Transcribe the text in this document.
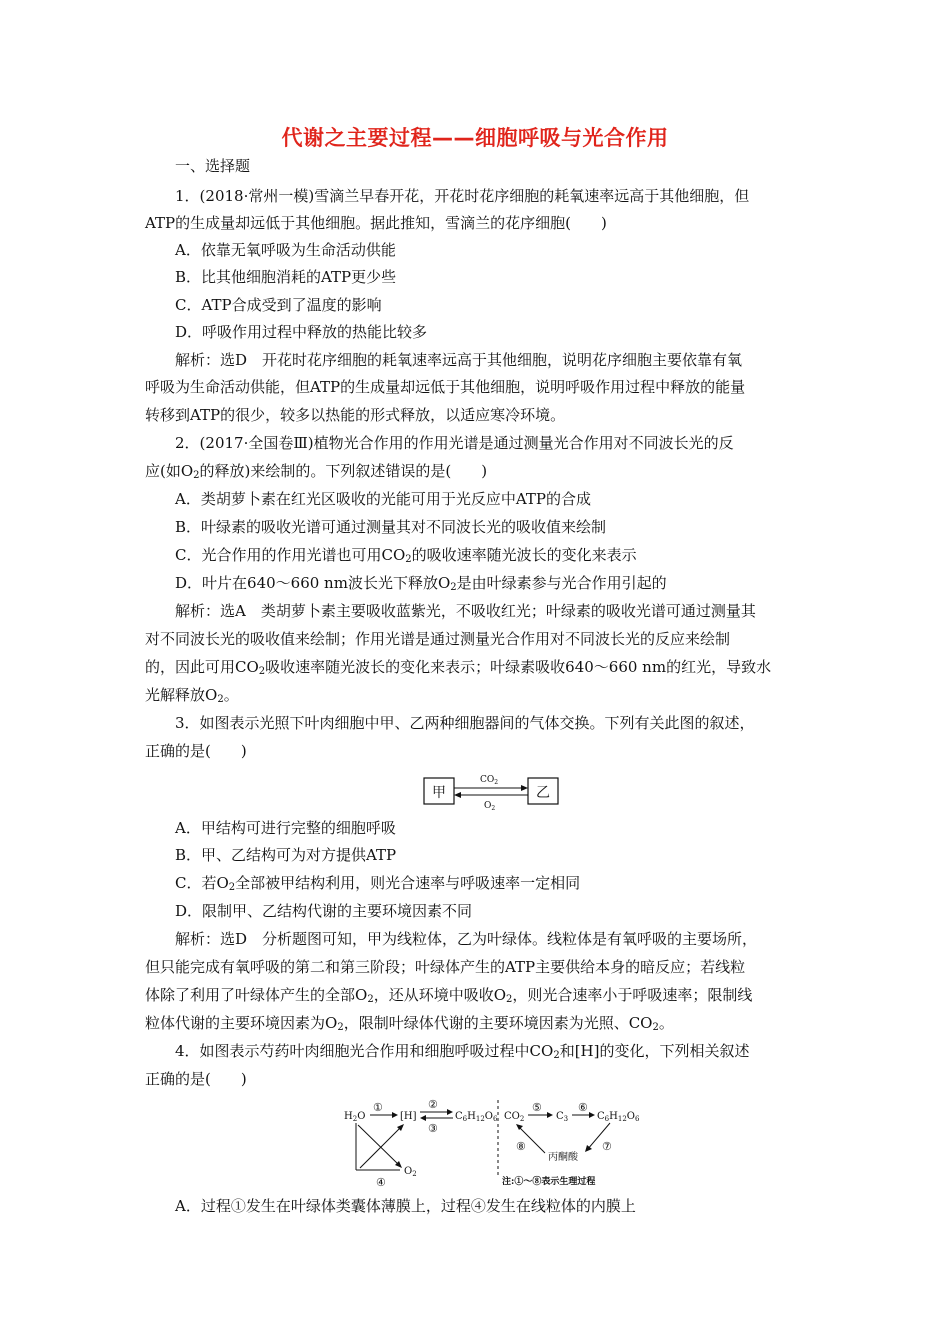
代谢之主要过程——细胞呼吸与光合作用
一、选择题
1．(2018·常州一模)雪滴兰早春开花，开花时花序细胞的耗氧速率远高于其他细胞，但
ATP的生成量却远低于其他细胞。据此推知，雪滴兰的花序细胞(　　)
A．依靠无氧呼吸为生命活动供能
B．比其他细胞消耗的ATP更少些
C．ATP合成受到了温度的影响
D．呼吸作用过程中释放的热能比较多
解析：选D　开花时花序细胞的耗氧速率远高于其他细胞，说明花序细胞主要依靠有氧
呼吸为生命活动供能，但ATP的生成量却远低于其他细胞，说明呼吸作用过程中释放的能量
转移到ATP的很少，较多以热能的形式释放，以适应寒冷环境。
2．(2017·全国卷Ⅲ)植物光合作用的作用光谱是通过测量光合作用对不同波长光的反
应(如$O_2$的释放)来绘制的。下列叙述错误的是(　　)
A．类胡萝卜素在红光区吸收的光能可用于光反应中ATP的合成
B．叶绿素的吸收光谱可通过测量其对不同波长光的吸收值来绘制
C．光合作用的作用光谱也可用$CO_2$的吸收速率随光波长的变化来表示
D．叶片在640～660 nm波长光下释放$O_2$是由叶绿素参与光合作用引起的
解析：选A　类胡萝卜素主要吸收蓝紫光，不吸收红光；叶绿素的吸收光谱可通过测量其
对不同波长光的吸收值来绘制；作用光谱是通过测量光合作用对不同波长光的反应来绘制
的，因此可用$CO_2$吸收速率随光波长的变化来表示；叶绿素吸收640～660 nm的红光，导致水
光解释放$O_2$。
3．如图表示光照下叶肉细胞中甲、乙两种细胞器间的气体交换。下列有关此图的叙述，
正确的是(　　)
甲	乙
$CO_2$
$O_2$
A．甲结构可进行完整的细胞呼吸
B．甲、乙结构可为对方提供ATP
C．若$O_2$全部被甲结构利用，则光合速率与呼吸速率一定相同
D．限制甲、乙结构代谢的主要环境因素不同
解析：选D　分析题图可知，甲为线粒体，乙为叶绿体。线粒体是有氧呼吸的主要场所，
但只能完成有氧呼吸的第二和第三阶段；叶绿体产生的ATP主要供给本身的暗反应；若线粒
体除了利用了叶绿体产生的全部$O_2$，还从环境中吸收$O_2$，则光合速率小于呼吸速率；限制线
粒体代谢的主要环境因素为$O_2$，限制叶绿体代谢的主要环境因素为光照、$CO_2$。
4．如图表示芍药叶肉细胞光合作用和细胞呼吸过程中$CO_2$和[H]的变化，下列相关叙述
正确的是(　　)
$H_2O$
①
[H]
②
③
$C_6H_{12}O_6$
$O_2$
④
$CO_2$
⑤
$C_3$
⑥
$C_6H_{12}O_6$
丙酮酸
⑦
⑧
注:①～⑧表示生理过程
A．过程①发生在叶绿体类囊体薄膜上，过程④发生在线粒体的内膜上
